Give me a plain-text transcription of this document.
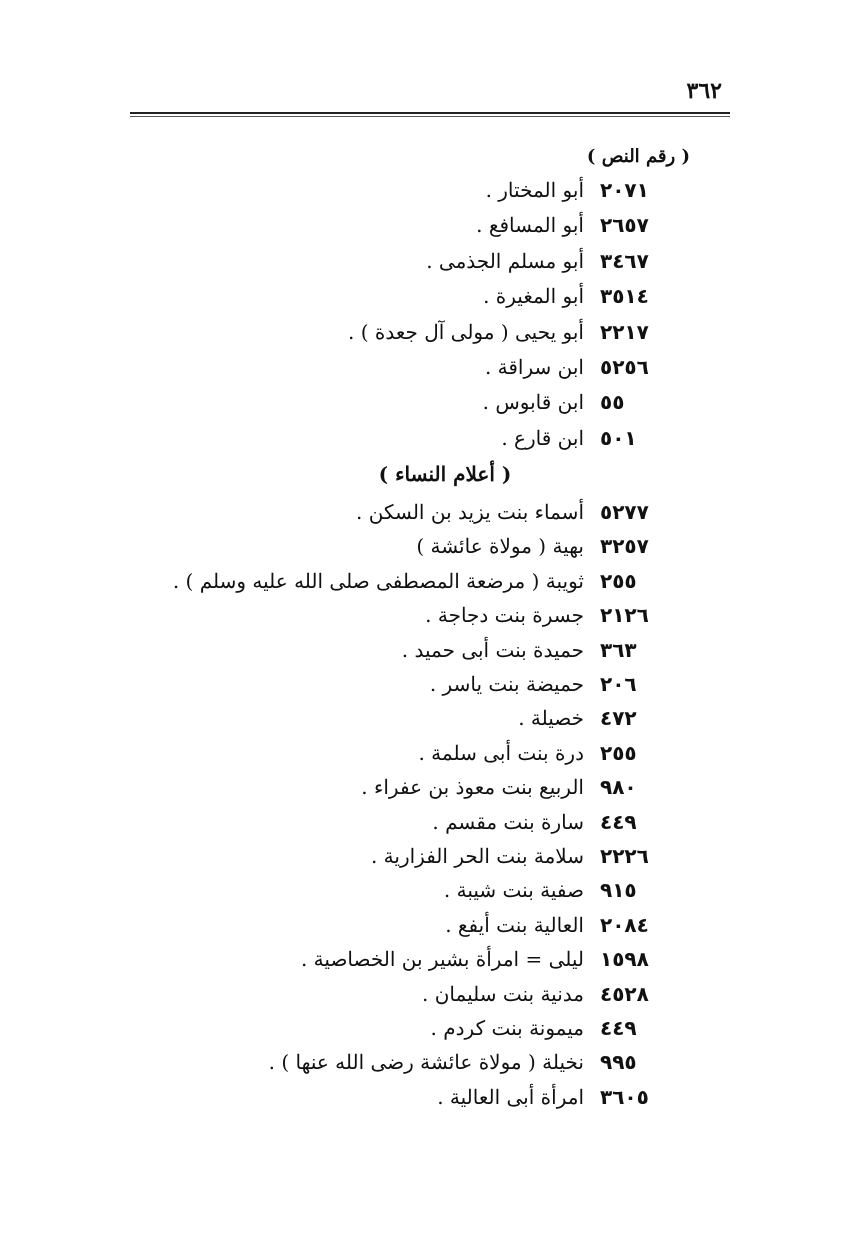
٣٦٢
( رقم النص )
٢٠٧١
أبو المختار .
٢٦٥٧
أبو المسافع .
٣٤٦٧
أبو مسلم الجذمى .
٣٥١٤
أبو المغيرة .
٢٢١٧
أبو يحيى ( مولى آل جعدة ) .
٥٢٥٦
ابن سراقة .
٥٥
ابن قابوس .
٥٠١
ابن قارع .
( أعلام النساء )
٥٢٧٧
أسماء بنت يزيد بن السكن .
٣٢٥٧
بهية ( مولاة عائشة )
٢٥٥
ثويبة ( مرضعة المصطفى صلى الله عليه وسلم ) .
٢١٢٦
جسرة بنت دجاجة .
٣٦٣
حميدة بنت أبى حميد .
٢٠٦
حميضة بنت ياسر .
٤٧٢
خصيلة .
٢٥٥
درة بنت أبى سلمة .
٩٨٠
الربيع بنت معوذ بن عفراء .
٤٤٩
سارة بنت مقسم .
٢٢٢٦
سلامة بنت الحر الفزارية .
٩١٥
صفية بنت شيبة .
٢٠٨٤
العالية بنت أيفع .
١٥٩٨
ليلى = امرأة بشير بن الخصاصية .
٤٥٢٨
مدنية بنت سليمان .
٤٤٩
ميمونة بنت كردم .
٩٩٥
نخيلة ( مولاة عائشة رضى الله عنها ) .
٣٦٠٥
امرأة أبى العالية .
